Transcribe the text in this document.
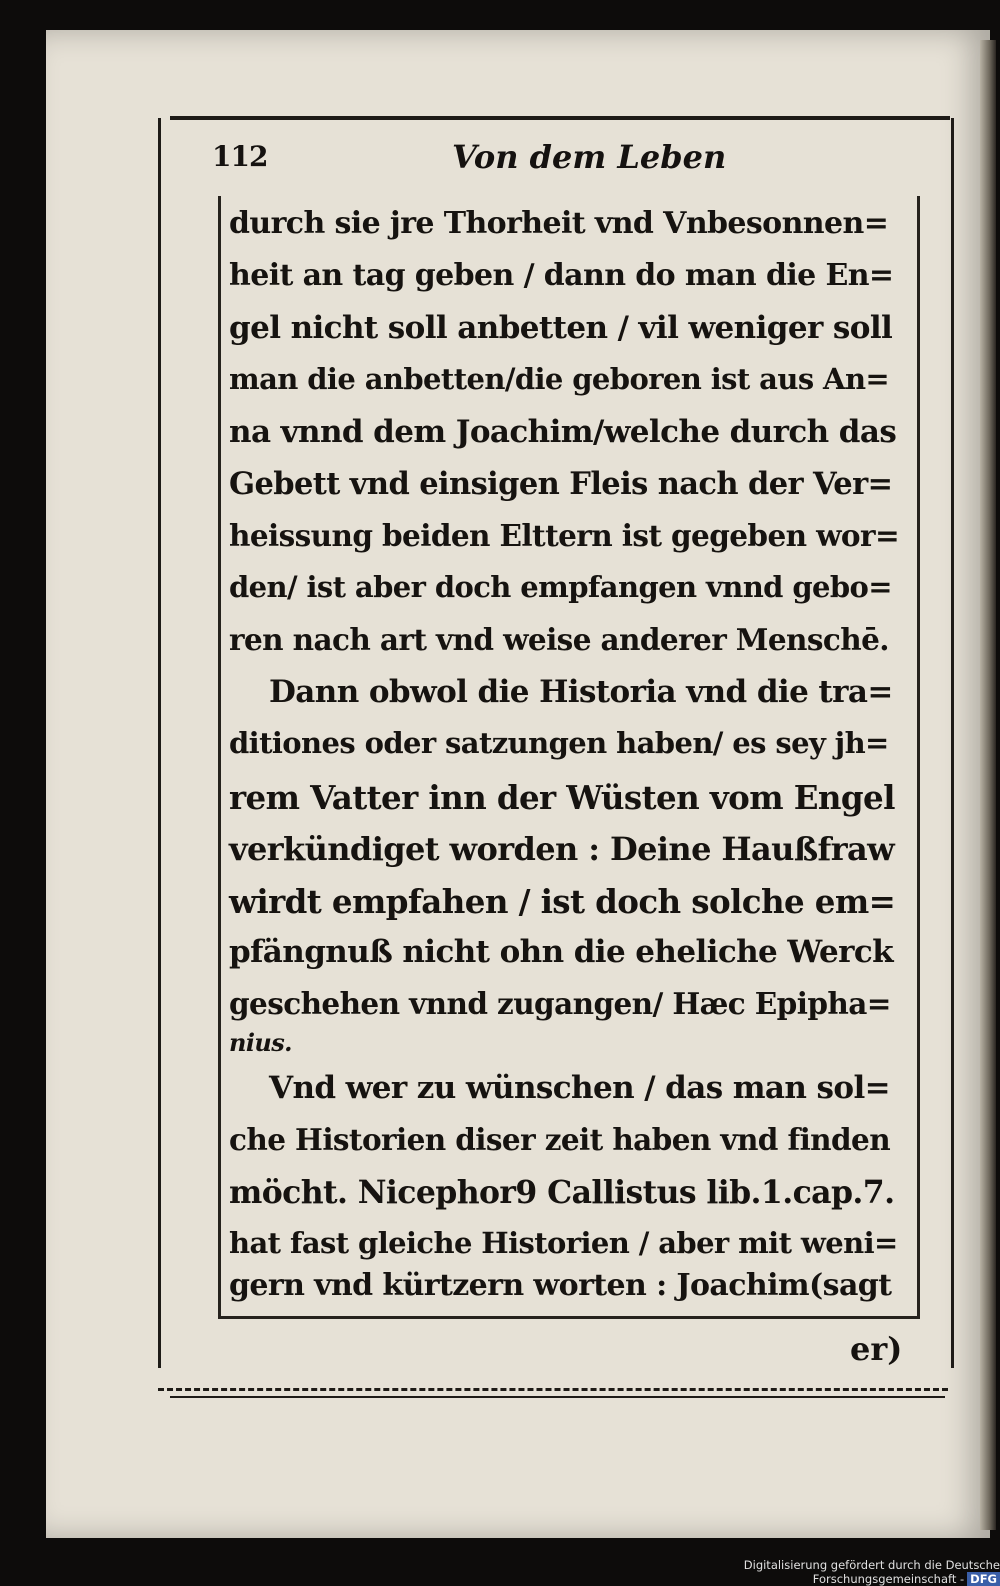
112	Von dem Leben
durch sie jre Thorheit vnd Vnbesonnen=
heit an tag geben / dann do man die En=
gel nicht soll anbetten / vil weniger soll
man die anbetten/die geboren ist aus An=
na vnnd dem Joachim/welche durch das
Gebett vnd einsigen Fleis nach der Ver=
heissung beiden Elttern ist gegeben wor=
den/ ist aber doch empfangen vnnd gebo=
ren nach art vnd weise anderer Menschē.
Dann obwol die Historia vnd die tra=
ditiones oder satzungen haben/ es sey jh=
rem Vatter inn der Wüsten vom Engel
verkündiget worden : Deine Haußfraw
wirdt empfahen / ist doch solche em=
pfängnuß nicht ohn die eheliche Werck
geschehen vnnd zugangen/ Hæc Epipha=
nius.
Vnd wer zu wünschen / das man sol=
che Historien diser zeit haben vnd finden
möcht. Nicephor9 Callistus lib.1.cap.7.
hat fast gleiche Historien / aber mit weni=
gern vnd kürtzern worten : Joachim(sagt
er)
Digitalisierung gefördert durch die Deutsche Forschungsgemeinschaft - DFG
